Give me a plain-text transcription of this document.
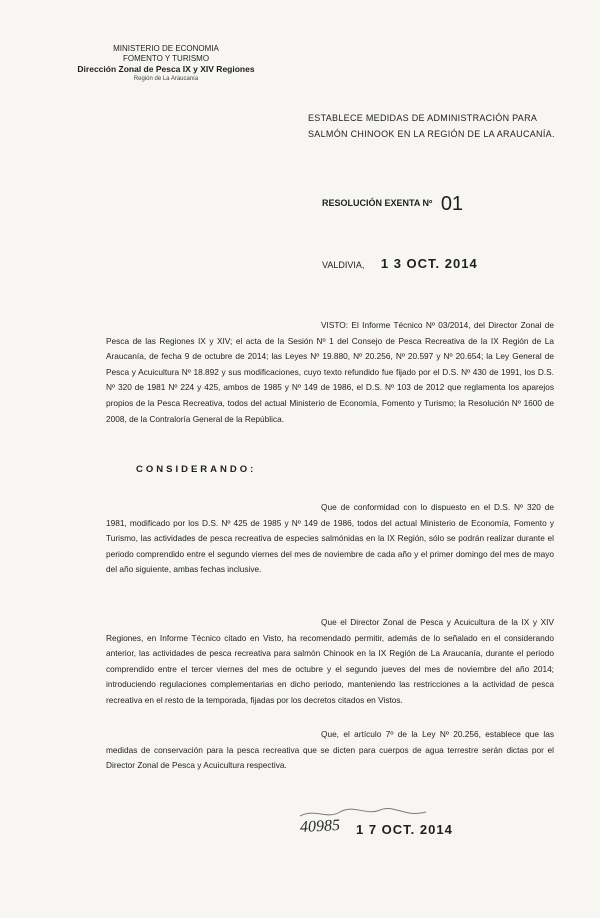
MINISTERIO DE ECONOMIA
FOMENTO Y TURISMO
Dirección Zonal de Pesca IX y XIV Regiones
Región de La Araucanía
ESTABLECE MEDIDAS DE ADMINISTRACIÓN PARA SALMÓN CHINOOK EN LA REGIÓN DE LA ARAUCANÍA.
RESOLUCIÓN EXENTA Nº 01
VALDIVIA, 1 3 OCT. 2014
VISTO: El Informe Técnico Nº 03/2014, del Director Zonal de Pesca de las Regiones IX y XIV; el acta de la Sesión Nº 1 del Consejo de Pesca Recreativa de la IX Región de La Araucanía, de fecha 9 de octubre de 2014; las Leyes Nº 19.880, Nº 20.256, Nº 20.597 y Nº 20.654; la Ley General de Pesca y Acuicultura Nº 18.892 y sus modificaciones, cuyo texto refundido fue fijado por el D.S. Nº 430 de 1991, los D.S. Nº 320 de 1981 Nº 224 y 425, ambos de 1985 y Nº 149 de 1986, el D.S. Nº 103 de 2012 que reglamenta los aparejos propios de la Pesca Recreativa, todos del actual Ministerio de Economía, Fomento y Turismo; la Resolución Nº 1600 de 2008, de la Contraloría General de la República.
CONSIDERANDO:
Que de conformidad con lo dispuesto en el D.S. Nº 320 de 1981, modificado por los D.S. Nº 425 de 1985 y Nº 149 de 1986, todos del actual Ministerio de Economía, Fomento y Turismo, las actividades de pesca recreativa de especies salmónidas en la IX Región, sólo se podrán realizar durante el periodo comprendido entre el segundo viernes del mes de noviembre de cada año y el primer domingo del mes de mayo del año siguiente, ambas fechas inclusive.
Que el Director Zonal de Pesca y Acuicultura de la IX y XIV Regiones, en Informe Técnico citado en Visto, ha recomendado permitir, además de lo señalado en el considerando anterior, las actividades de pesca recreativa para salmón Chinook en la IX Región de La Araucanía, durante el periodo comprendido entre el tercer viernes del mes de octubre y el segundo jueves del mes de noviembre del año 2014; introduciendo regulaciones complementarias en dicho periodo, manteniendo las restricciones a la actividad de pesca recreativa en el resto de la temporada, fijadas por los decretos citados en Vistos.
Que, el artículo 7º de la Ley Nº 20.256, establece que las medidas de conservación para la pesca recreativa que se dicten para cuerpos de agua terrestre serán dictas por el Director Zonal de Pesca y Acuicultura respectiva.
40985 1 7 OCT. 2014
